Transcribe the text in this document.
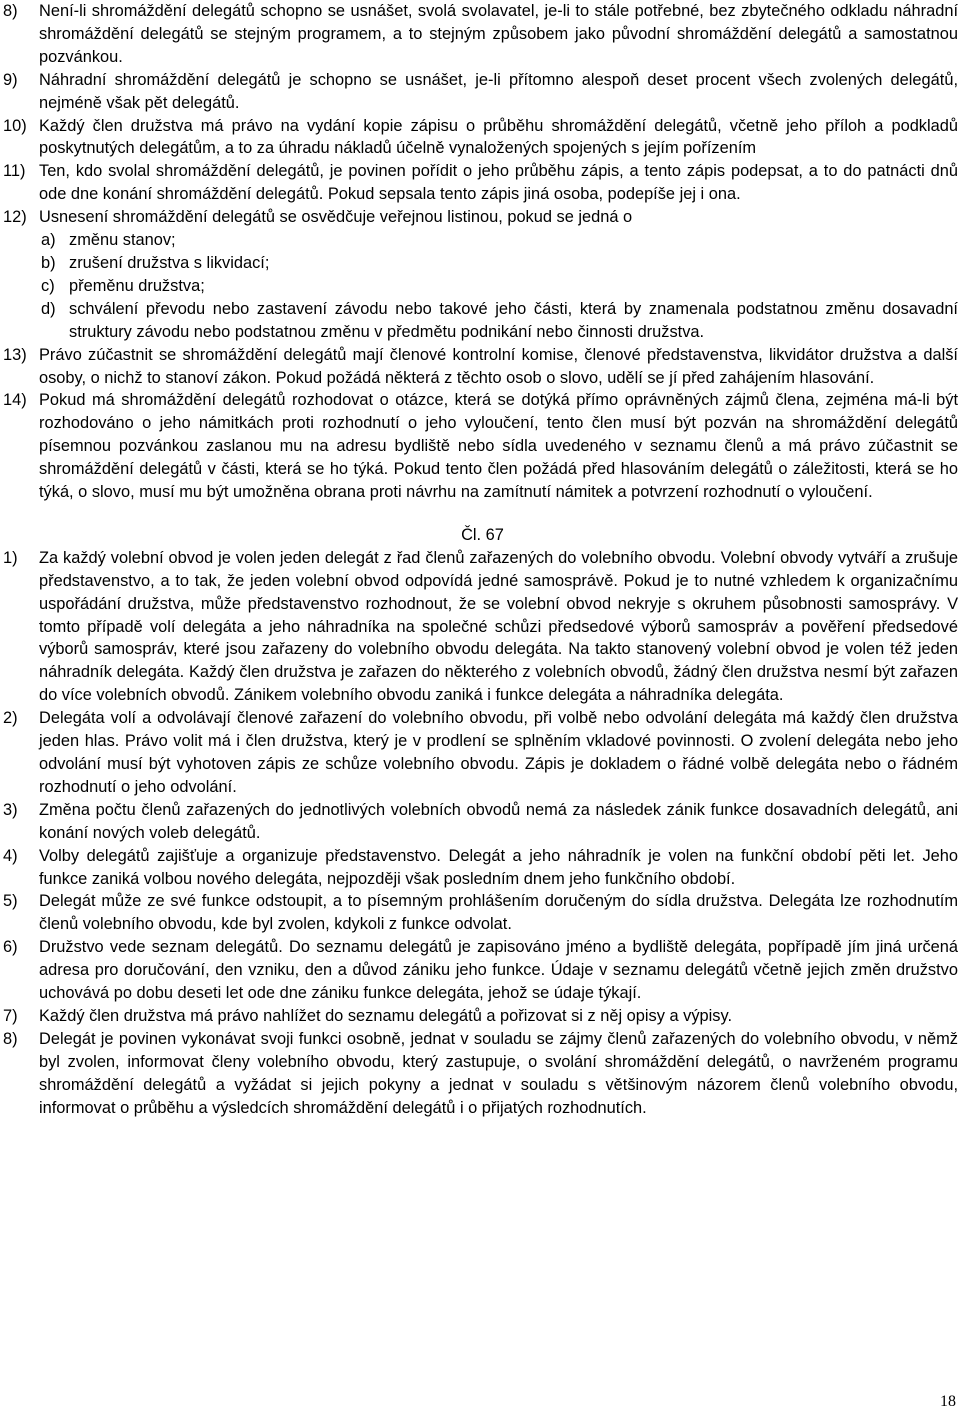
8)	Není-li shromáždění delegátů schopno se usnášet, svolá svolavatel, je-li to stále potřebné, bez zbytečného odkladu náhradní shromáždění delegátů se stejným programem, a to stejným způsobem jako původní shromáždění delegátů a samostatnou pozvánkou.
9)	Náhradní shromáždění delegátů je schopno se usnášet, je-li přítomno alespoň deset procent všech zvolených delegátů, nejméně však pět delegátů.
10) Každý člen družstva má právo na vydání kopie zápisu o průběhu shromáždění delegátů, včetně jeho příloh a podkladů poskytnutých delegátům, a to za úhradu nákladů účelně vynaložených spojených s jejím pořízením
11) Ten, kdo svolal shromáždění delegátů, je povinen pořídit o jeho průběhu zápis, a tento zápis podepsat, a to do patnácti dnů ode dne konání shromáždění delegátů. Pokud sepsala tento zápis jiná osoba, podepíše jej i ona.
12) Usnesení shromáždění delegátů se osvědčuje veřejnou listinou, pokud se jedná o
a) změnu stanov;
b) zrušení družstva s likvidací;
c) přeměnu družstva;
d) schválení převodu nebo zastavení závodu nebo takové jeho části, která by znamenala podstatnou změnu dosavadní struktury závodu nebo podstatnou změnu v předmětu podnikání nebo činnosti družstva.
13) Právo zúčastnit se shromáždění delegátů mají členové kontrolní komise, členové představenstva, likvidátor družstva a další osoby, o nichž to stanoví zákon. Pokud požádá některá z těchto osob o slovo, udělí se jí před zahájením hlasování.
14) Pokud má shromáždění delegátů rozhodovat o otázce, která se dotýká přímo oprávněných zájmů člena, zejména má-li být rozhodováno o jeho námitkách proti rozhodnutí o jeho vyloučení, tento člen musí být pozván na shromáždění delegátů písemnou pozvánkou zaslanou mu na adresu bydliště nebo sídla uvedeného v seznamu členů a má právo zúčastnit se shromáždění delegátů v části, která se ho týká. Pokud tento člen požádá před hlasováním delegátů o záležitosti, která se ho týká, o slovo, musí mu být umožněna obrana proti návrhu na zamítnutí námitek a potvrzení rozhodnutí o vyloučení.
Čl. 67
1)	Za každý volební obvod je volen jeden delegát z řad členů zařazených do volebního obvodu. Volební obvody vytváří a zrušuje představenstvo, a to tak, že jeden volební obvod odpovídá jedné samosprávě. Pokud je to nutné vzhledem k organizačnímu uspořádání družstva, může představenstvo rozhodnout, že se volební obvod nekryje s okruhem působnosti samosprávy. V tomto případě volí delegáta a jeho náhradníka na společné schůzi předsedové výborů samospráv a pověření předsedové výborů samospráv, které jsou zařazeny do volebního obvodu delegáta. Na takto stanovený volební obvod je volen též jeden náhradník delegáta. Každý člen družstva je zařazen do některého z volebních obvodů, žádný člen družstva nesmí být zařazen do více volebních obvodů. Zánikem volebního obvodu zaniká i funkce delegáta a náhradníka delegáta.
2)	Delegáta volí a odvolávají členové zařazení do volebního obvodu, při volbě nebo odvolání delegáta má každý člen družstva jeden hlas. Právo volit má i člen družstva, který je v prodlení se splněním vkladové povinnosti. O zvolení delegáta nebo jeho odvolání musí být vyhotoven zápis ze schůze volebního obvodu. Zápis je dokladem o řádné volbě delegáta nebo o řádném rozhodnutí o jeho odvolání.
3)	Změna počtu členů zařazených do jednotlivých volebních obvodů nemá za následek zánik funkce dosavadních delegátů, ani konání nových voleb delegátů.
4)	Volby delegátů zajišťuje a organizuje představenstvo. Delegát a jeho náhradník je volen na funkční období pěti let. Jeho funkce zaniká volbou nového delegáta, nejpozději však posledním dnem jeho funkčního období.
5)	Delegát může ze své funkce odstoupit, a to písemným prohlášením doručeným do sídla družstva. Delegáta lze rozhodnutím členů volebního obvodu, kde byl zvolen, kdykoli z funkce odvolat.
6)	Družstvo vede seznam delegátů. Do seznamu delegátů je zapisováno jméno a bydliště delegáta, popřípadě jím jiná určená adresa pro doručování, den vzniku, den a důvod zániku jeho funkce. Údaje v seznamu delegátů včetně jejich změn družstvo uchovává po dobu deseti let ode dne zániku funkce delegáta, jehož se údaje týkají.
7)	Každý člen družstva má právo nahlížet do seznamu delegátů a pořizovat si z něj opisy a výpisy.
8)	Delegát je povinen vykonávat svoji funkci osobně, jednat v souladu se zájmy členů zařazených do volebního obvodu, v němž byl zvolen, informovat členy volebního obvodu, který zastupuje, o svolání shromáždění delegátů, o navrženém programu shromáždění delegátů a vyžádat si jejich pokyny a jednat v souladu s většinovým názorem členů volebního obvodu, informovat o průběhu a výsledcích shromáždění delegátů i o přijatých rozhodnutích.
18
